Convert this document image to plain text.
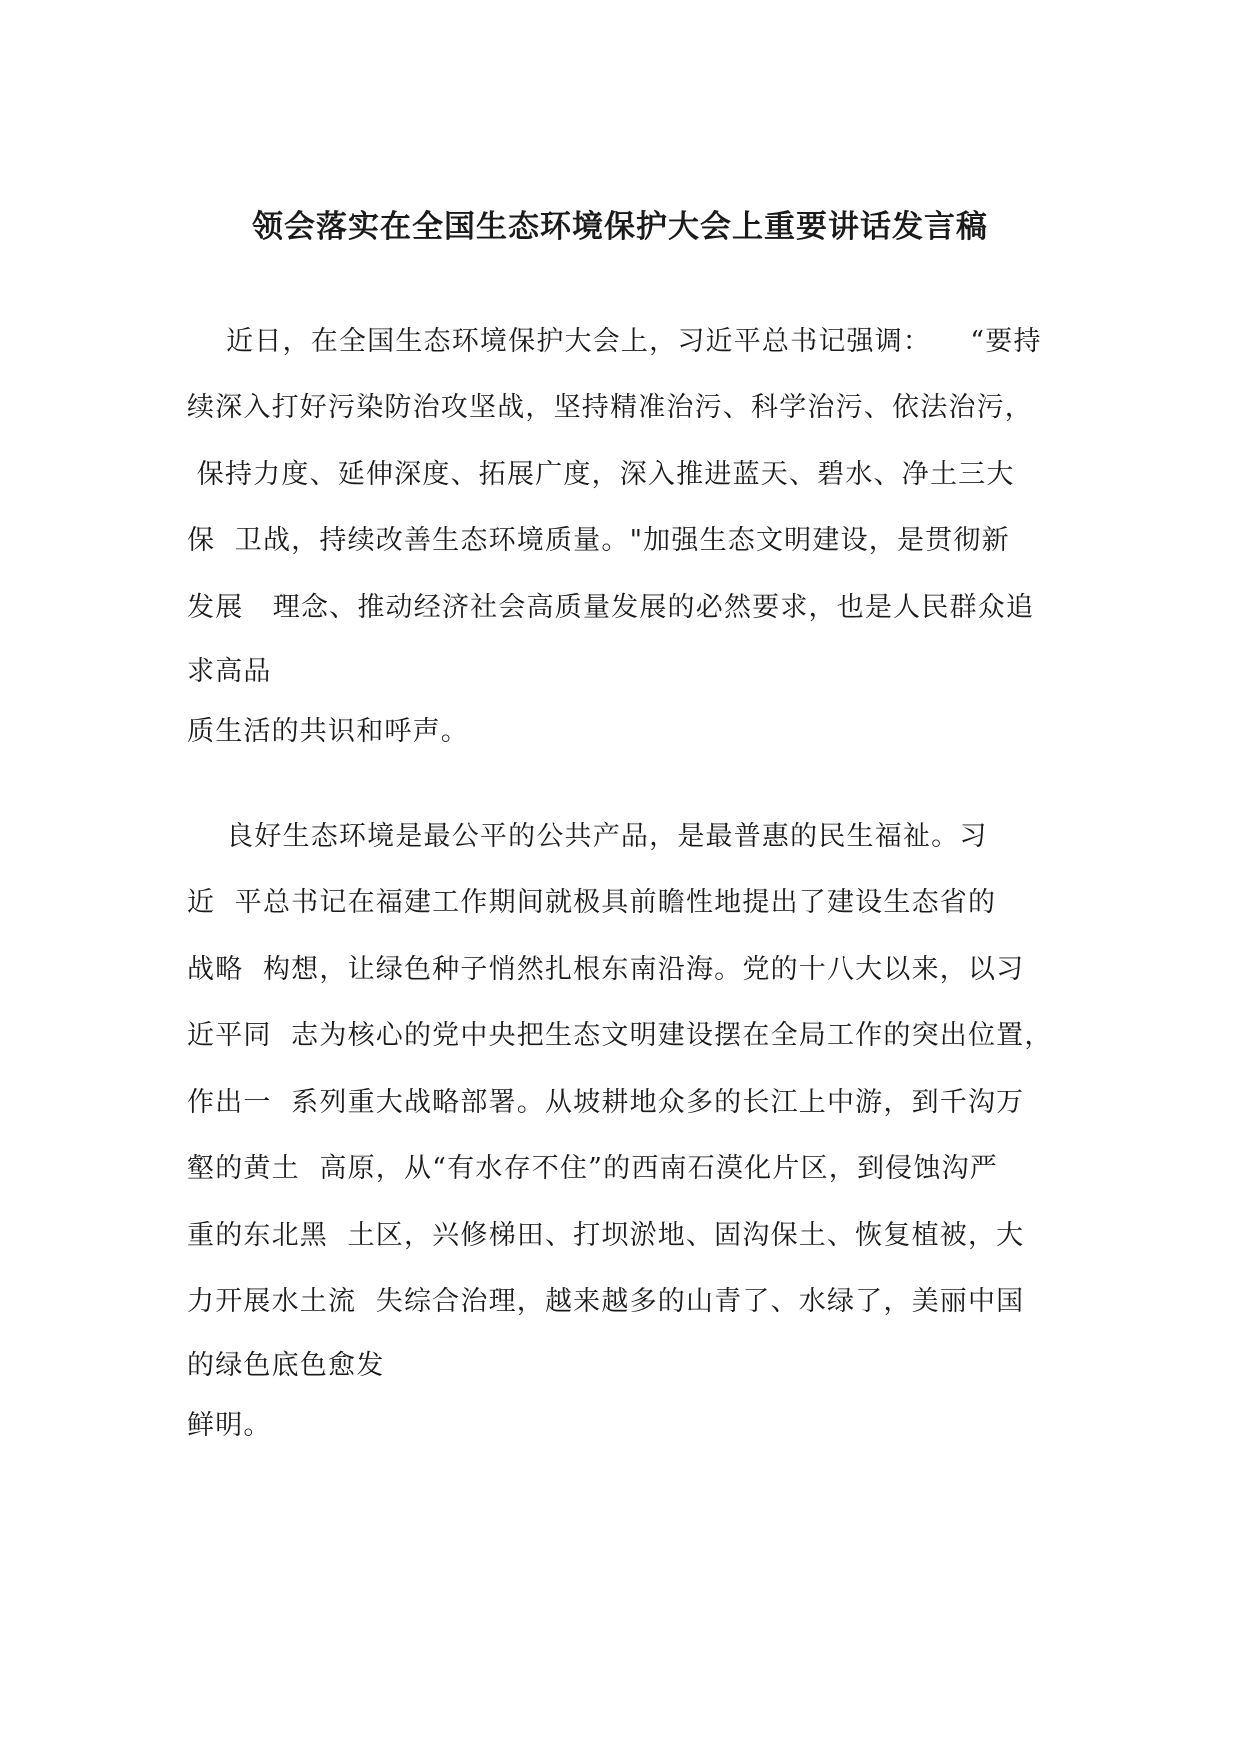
领会落实在全国生态环境保护大会上重要讲话发言稿
近日，在全国生态环境保护大会上，习近平总书记强调：    “要持
续深入打好污染防治攻坚战，坚持精准治污、科学治污、依法治污，
保持力度、延伸深度、拓展广度，深入推进蓝天、碧水、净土三大
保  卫战，持续改善生态环境质量。"加强生态文明建设，是贯彻新
发展   理念、推动经济社会高质量发展的必然要求，也是人民群众追
求高品
质生活的共识和呼声。
良好生态环境是最公平的公共产品，是最普惠的民生福祉。习
近  平总书记在福建工作期间就极具前瞻性地提出了建设生态省的
战略  构想，让绿色种子悄然扎根东南沿海。党的十八大以来，以习
近平同  志为核心的党中央把生态文明建设摆在全局工作的突出位置，
作出一  系列重大战略部署。从坡耕地众多的长江上中游，到千沟万
壑的黄土  高原，从“有水存不住”的西南石漠化片区，到侵蚀沟严
重的东北黑  土区，兴修梯田、打坝淤地、固沟保土、恢复植被，大
力开展水土流  失综合治理，越来越多的山青了、水绿了，美丽中国
的绿色底色愈发
鲜明。
